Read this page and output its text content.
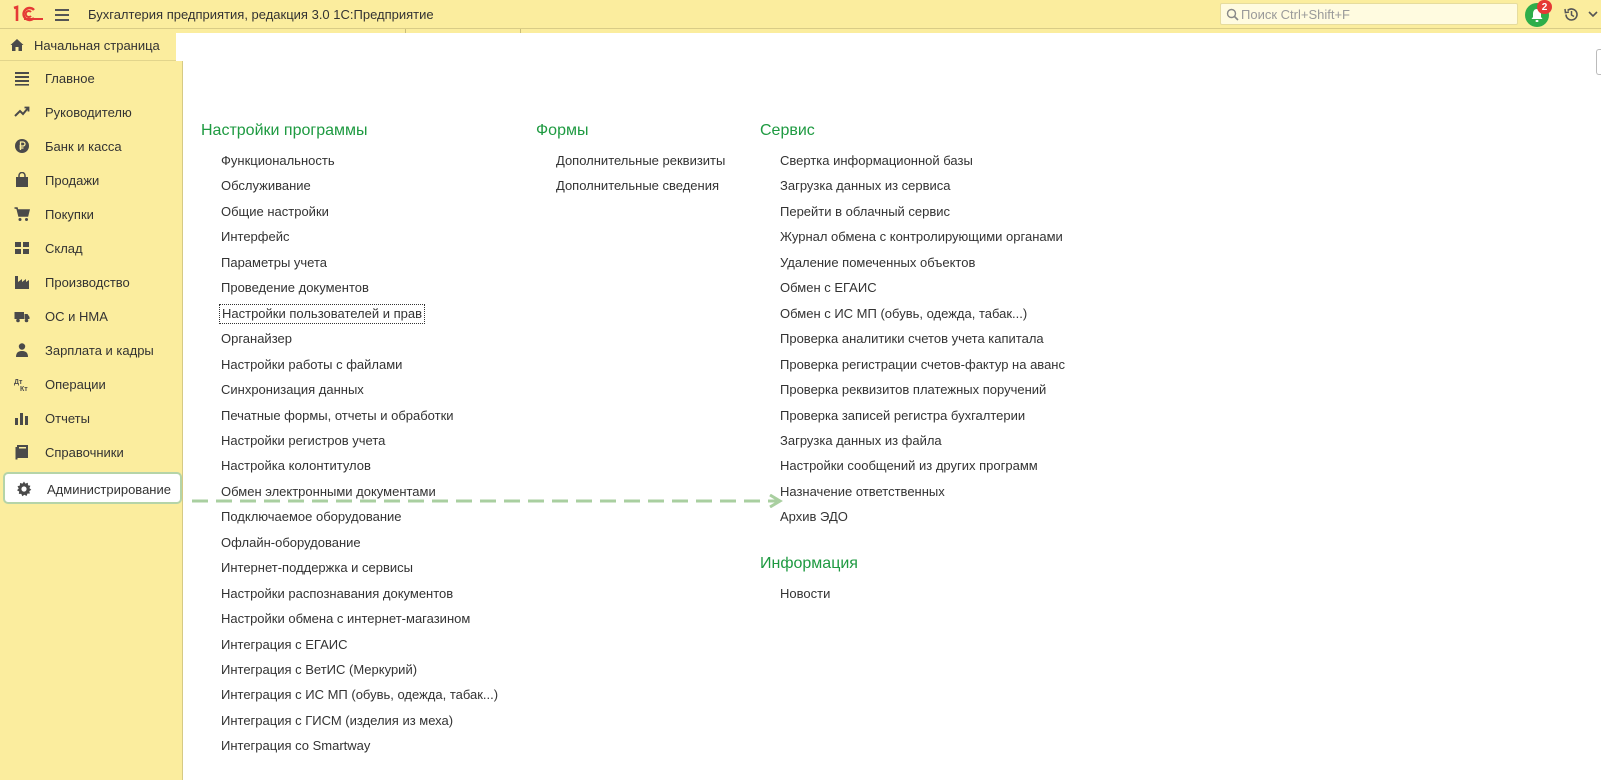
Бухгалтерия предприятия, редакция 3.0 1С:Предприятие
Поиск Ctrl+Shift+F	2
Начальная страница
Главное
Руководителю
Банк и касса
Продажи
Покупки
Склад
Производство
ОС и НМА
Зарплата и кадры
Дт
Кт Операции
Отчеты
Справочники
Администрирование
Настройки программы
Функциональность
Обслуживание
Общие настройки
Интерфейс
Параметры учета
Проведение документов
Настройки пользователей и прав
Органайзер
Настройки работы с файлами
Синхронизация данных
Печатные формы, отчеты и обработки
Настройки регистров учета
Настройка колонтитулов
Обмен электронными документами
Подключаемое оборудование
Офлайн-оборудование
Интернет-поддержка и сервисы
Настройки распознавания документов
Настройки обмена с интернет-магазином
Интеграция с ЕГАИС
Интеграция с ВетИС (Меркурий)
Интеграция с ИС МП (обувь, одежда, табак...)
Интеграция с ГИСМ (изделия из меха)
Интеграция со Smartway
Формы
Дополнительные реквизиты
Дополнительные сведения
Сервис
Свертка информационной базы
Загрузка данных из сервиса
Перейти в облачный сервис
Журнал обмена с контролирующими органами
Удаление помеченных объектов
Обмен с ЕГАИС
Обмен с ИС МП (обувь, одежда, табак...)
Проверка аналитики счетов учета капитала
Проверка регистрации счетов-фактур на аванс
Проверка реквизитов платежных поручений
Проверка записей регистра бухгалтерии
Загрузка данных из файла
Настройки сообщений из других программ
Назначение ответственных
Архив ЭДО
Информация
Новости
